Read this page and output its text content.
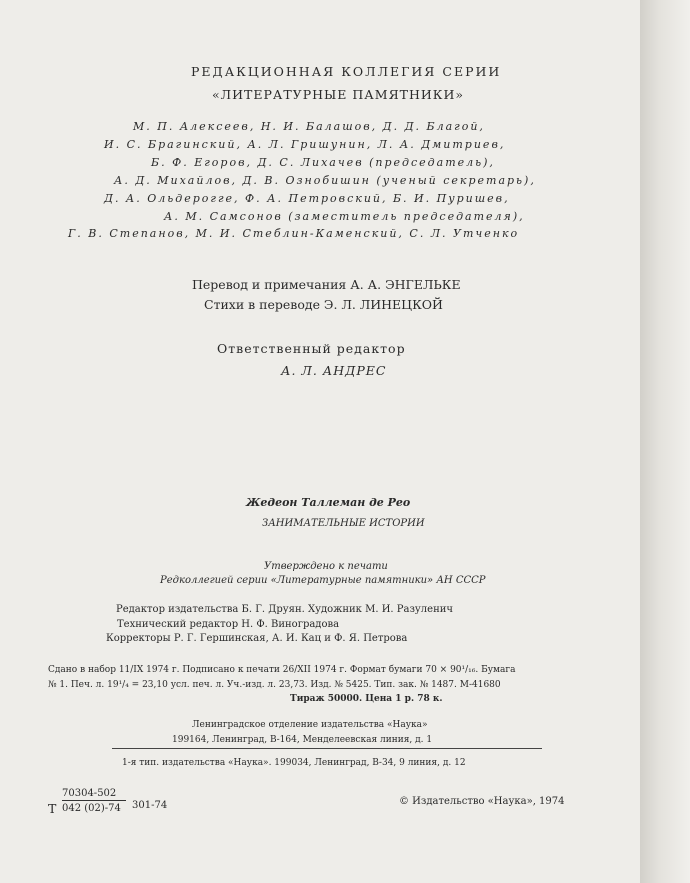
РЕДАКЦИОННАЯ КОЛЛЕГИЯ СЕРИИ
«ЛИТЕРАТУРНЫЕ ПАМЯТНИКИ»
М. П. Алексеев, Н. И. Балашов, Д. Д. Благой,
И. С. Брагинский, А. Л. Гришунин, Л. А. Дмитриев,
Б. Ф. Егоров, Д. С. Лихачев (председатель),
А. Д. Михайлов, Д. В. Ознобишин (ученый секретарь),
Д. А. Ольдерогге, Ф. А. Петровский, Б. И. Пуришев,
А. М. Самсонов (заместитель председателя),
Г. В. Степанов, М. И. Стеблин-Каменский, С. Л. Утченко
Перевод и примечания А. А. ЭНГЕЛЬКЕ
Стихи в переводе Э. Л. ЛИНЕЦКОЙ
Ответственный редактор
А. Л. АНДРЕС
Жедеон Таллеман де Рео
ЗАНИМАТЕЛЬНЫЕ ИСТОРИИ
Утверждено к печати
Редколлегией серии «Литературные памятники» АН СССР
Редактор издательства Б. Г. Друян. Художник М. И. Разуленич
Технический редактор Н. Ф. Виноградова
Корректоры Р. Г. Гершинская, А. И. Кац и Ф. Я. Петрова
Сдано в набор 11/IX 1974 г. Подписано к печати 26/XII 1974 г. Формат бумаги 70 × 90¹/₁₆. Бумага
№ 1. Печ. л. 19¹/₄ = 23,10 усл. печ. л. Уч.-изд. л. 23,73. Изд. № 5425. Тип. зак. № 1487. М-41680
Тираж 50000. Цена 1 р. 78 к.
Ленинградское отделение издательства «Наука»
199164, Ленинград, В-164, Менделеевская линия, д. 1
1-я тип. издательства «Наука». 199034, Ленинград, В-34, 9 линия, д. 12
Т
70304-502
042 (02)-74 301-74	© Издательство «Наука», 1974
